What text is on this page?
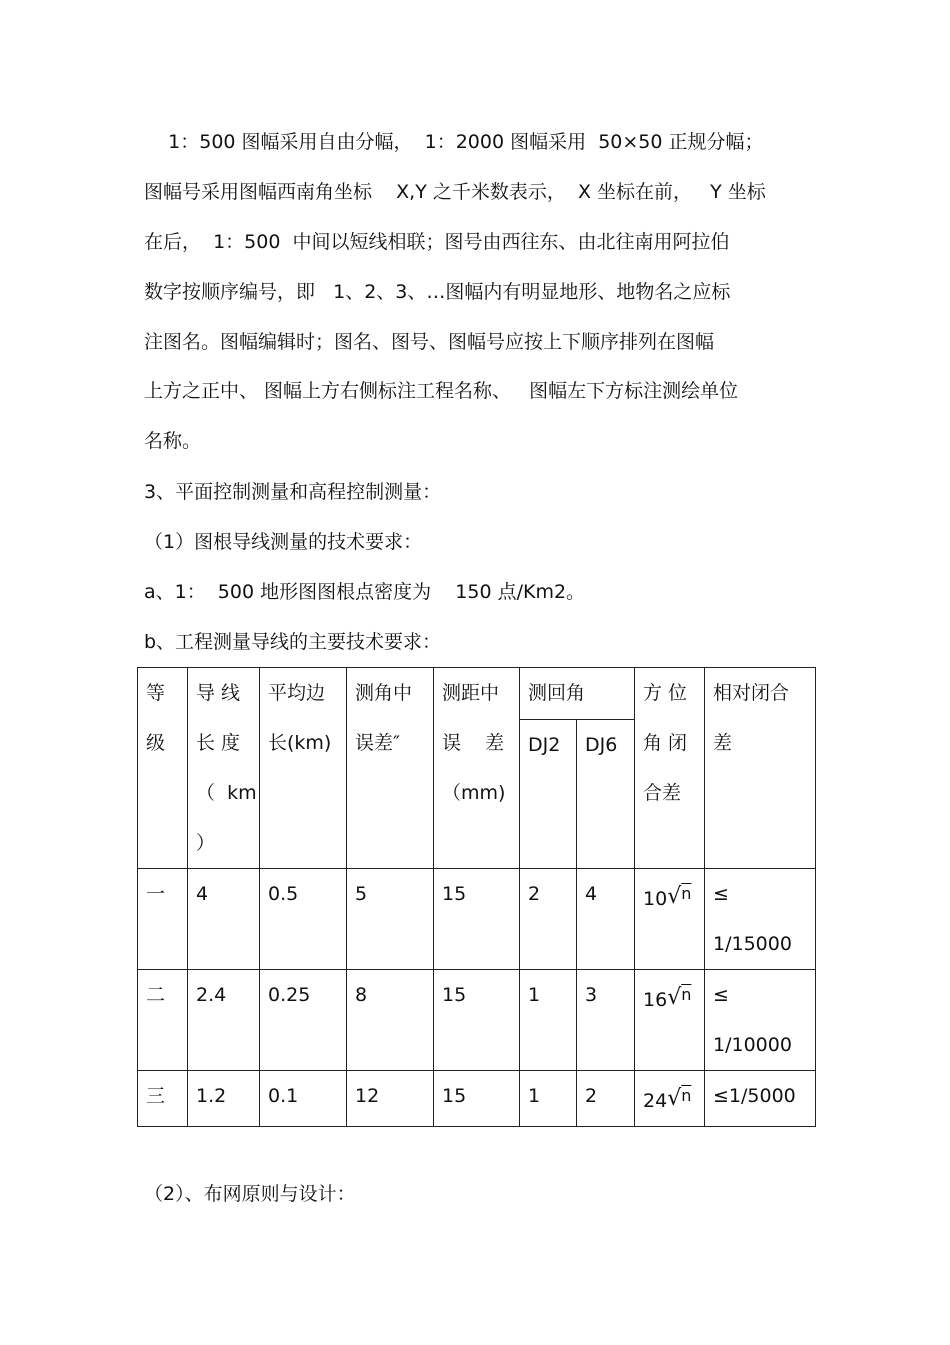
1：500 图幅采用自由分幅，  1：2000 图幅采用  50×50 正规分幅；
图幅号采用图幅西南角坐标    X,Y 之千米数表示，  X 坐标在前，   Y 坐标
在后，  1：500  中间以短线相联；图号由西往东、由北往南用阿拉伯
数字按顺序编号，即   1、2、3、…图幅内有明显地形、地物名之应标
注图名。图幅编辑时；图名、图号、图幅号应按上下顺序排列在图幅
上方之正中、 图幅上方右侧标注工程名称、   图幅左下方标注测绘单位
名称。
3、平面控制测量和高程控制测量：
（1）图根导线测量的技术要求：
a、1：  500 地形图图根点密度为    150 点/Km2。
b、工程测量导线的主要技术要求：
等
级	导 线
长 度
（  km
）	平均边
长(km)	测角中
误差″	测距中
误    差
（mm)	测回角		方 位
角 闭
合差	相对闭合
差
					DJ2	DJ6		
一	4	0.5	5	15	2	4	10√$^n$	≤
1/15000
二	2.4	0.25	8	15	1	3	16√$^n$	≤
1/10000
三	1.2	0.1	12	15	1	2	24√$^n$	≤1/5000
（2）、布网原则与设计：
